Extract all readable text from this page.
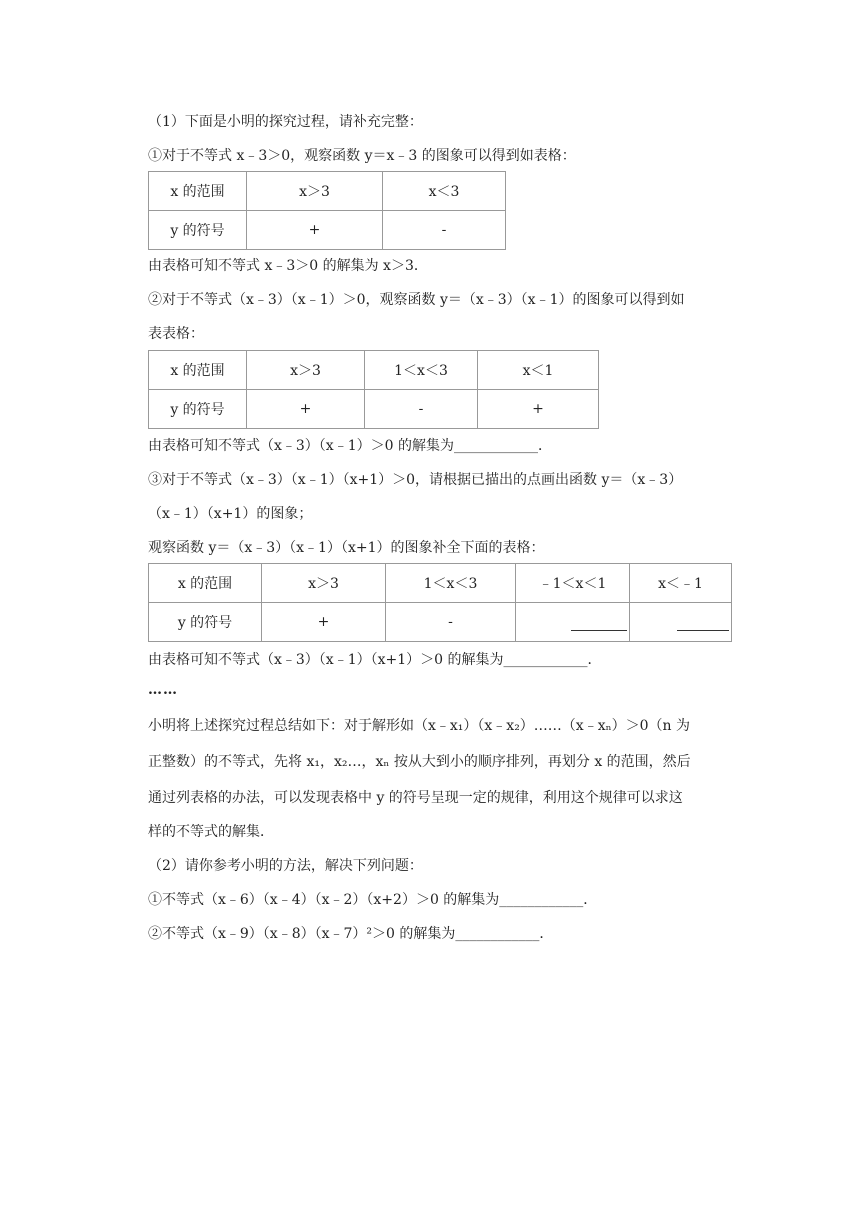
（1）下面是小明的探究过程，请补充完整：
①对于不等式 x﹣3＞0，观察函数 y＝x﹣3 的图象可以得到如表格：
x 的范围	x＞3	x＜3
y 的符号	+	-
由表格可知不等式 x﹣3＞0 的解集为 x＞3．
②对于不等式（x﹣3）（x﹣1）＞0，观察函数 y＝（x﹣3）（x﹣1）的图象可以得到如
表表格：
x 的范围	x＞3	1＜x＜3	x＜1
y 的符号	+	-	+
由表格可知不等式（x﹣3）（x﹣1）＞0 的解集为____________．
③对于不等式（x﹣3）（x﹣1）（x+1）＞0，请根据已描出的点画出函数 y＝（x﹣3）
（x﹣1）（x+1）的图象；
观察函数 y＝（x﹣3）（x﹣1）（x+1）的图象补全下面的表格：
x 的范围	x＞3	1＜x＜3	﹣1＜x＜1	x＜﹣1
y 的符号	+	-		
由表格可知不等式（x﹣3）（x﹣1）（x+1）＞0 的解集为____________．
……
小明将上述探究过程总结如下：对于解形如（x﹣x₁）（x﹣x₂）……（x﹣xₙ）＞0（n 为
正整数）的不等式，先将 x₁，x₂…，xₙ 按从大到小的顺序排列，再划分 x 的范围，然后
通过列表格的办法，可以发现表格中 y 的符号呈现一定的规律，利用这个规律可以求这
样的不等式的解集．
（2）请你参考小明的方法，解决下列问题：
①不等式（x﹣6）（x﹣4）（x﹣2）（x+2）＞0 的解集为____________．
②不等式（x﹣9）（x﹣8）（x﹣7）²＞0 的解集为____________．
